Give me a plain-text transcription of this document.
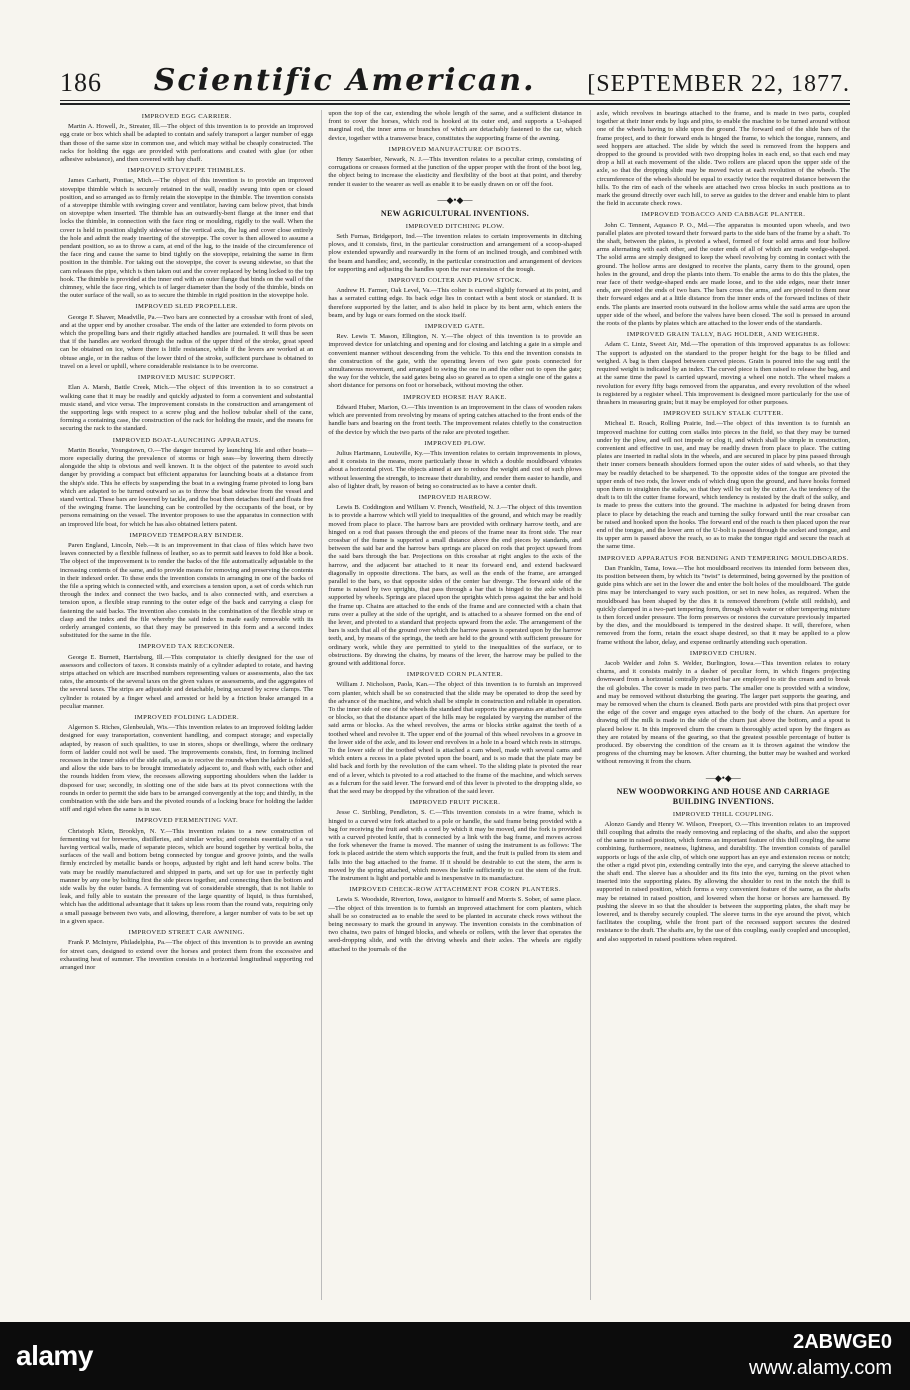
186 Scientific American. [SEPTEMBER 22, 1877.
IMPROVED EGG CARRIER.

Martin A. Howell, Jr., Streater, Ill.—The object of this invention is to provide an improved egg crate or box which shall be adapted to contain and safely transport a larger number of eggs than those of the same size in common use, and which may withal be cheaply constructed. The racks for holding the eggs are provided with perforations and coated with glue (or other adhesive substance), and then covered with hay chaff.

IMPROVED STOVEPIPE THIMBLES.

James Carhartt, Pontiac, Mich.—The object of this invention is to provide an improved stovepipe thimble which is securely retained in the wall, readily swung into open or closed position, and so arranged as to firmly retain the stovepipe in the thimble. The invention consists of a stovepipe thimble with swinging cover and ventilator, having cam below pivot, that binds on stovepipe when inserted. The thimble has an outwardly-bent flange at the inner end that locks the thimble, in connection with the face ring or moulding, rigidly to the wall. When the cover is held in position slightly sidewise of the vertical axis, the lug and cover close entirely the hole and admit the ready inserting of the stovepipe. The cover is then allowed to assume a pendant position, so as to throw a cam, at end of the lug, to the inside of the circumference of the face ring and cause the same to bind tightly on the stovepipe, retaining the same in firm position in the thimble. For taking out the stovepipe, the cover is swung sidewise, so that the cam releases the pipe, which is then taken out and the cover replaced by being locked to the top hook. The thimble is provided at the inner end with an outer flange that binds on the wall of the chimney, while the face ring, which is of larger diameter than the body of the thimble, binds on the outer surface of the wall, so as to secure the thimble in rigid position in the stovepipe hole.

IMPROVED SLED PROPELLER.

George F. Shaver, Meadville, Pa.—Two bars are connected by a crossbar with front of sled, and at the upper end by another crossbar. The ends of the latter are extended to form pivots on which the propelling bars and their rigidly attached handles are journaled. It will thus be seen that if the handles are worked through the radius of the upper third of the stroke, great speed can be obtained on ice, where there is little resistance, while if the levers are worked at an obtuse angle, or in the radius of the lower third of the stroke, sufficient purchase is obtained to travel on a level or uphill, where considerable resistance is to be overcome.

IMPROVED MUSIC SUPPORT.

Elan A. Marsh, Battle Creek, Mich.—The object of this invention is to so construct a walking cane that it may be readily and quickly adjusted to form a convenient and substantial music stand, and vice versa. The improvement consists in the construction and arrangement of the supporting legs with respect to a screw plug and the hollow tubular shell of the cane, forming a containing case, the construction of the rack for holding the music, and the means for securing the rack to the standard.

IMPROVED BOAT-LAUNCHING APPARATUS.

Martin Bourke, Youngstown, O.—The danger incurred by launching life and other boats—more especially during the prevalence of storms or high seas—by lowering them directly alongside the ship is obvious and well known. It is the object of the patentee to avoid such danger by providing a compact but efficient apparatus for launching boats at a distance from the ship's side. This he effects by suspending the boat in a swinging frame pivoted to long bars which are adapted to be turned outward so as to throw the boat sidewise from the vessel and stand vertical. These bars are lowered by tackle, and the boat then detaches itself and floats free of the swinging frame. The launching can be controlled by the occupants of the boat, or by persons remaining on the vessel. The inventor proposes to use the apparatus in connection with an improved life boat, for which he has also obtained letters patent.

IMPROVED TEMPORARY BINDER.

Paren England, Lincoln, Neb.—It is an improvement in that class of files which have two leaves connected by a flexible fullness of leather, so as to permit said leaves to fold like a book. The object of the improvement is to render the backs of the file automatically adjustable to the increasing contents of the same, and to provide means for removing and preserving the contents in their indexed order. To these ends the invention consists in arranging in one of the backs of the file a spring which is connected with, and exercises a tension upon, a set of cords which run through the index and connect the two backs, and is also connected with, and exercises a tension upon, a flexible strap running to the outer edge of the back and carrying a clasp for fastening the said backs. The invention also consists in the combination of the flexible strap or clasp and the index and the file whereby the said index is made easily removable with its orderly arranged contents, so that they may be preserved in this form and a second index substituted for the same in the file.

IMPROVED TAX RECKONER.

George E. Burnett, Harrisburg, Ill.—This computator is chiefly designed for the use of assessors and collectors of taxes. It consists mainly of a cylinder adapted to rotate, and having strips attached on which are inscribed numbers representing values or assessments, also the tax rates, the amounts of the several taxes on the given values or assessments, and the aggregates of the several taxes. The strips are adjustable and detachable, being secured by screw clamps. The cylinder is rotated by a finger wheel and arrested or held by a friction brake arranged in a peculiar manner.

IMPROVED FOLDING LADDER.

Algernon S. Riches, Glenbeulah, Wis.—This invention relates to an improved folding ladder designed for easy transportation, convenient handling, and compact storage; and especially adapted, by reason of such qualities, to use in stores, shops or dwellings, where the ordinary form of ladder could not well be used. The improvements consists, first, in forming inclined recesses in the inner sides of the side rails, so as to receive the rounds when the ladder is folded, and allow the side bars to be brought immediately adjacent to, and flush with, each other and the rounds hidden from view, the recesses allowing supporting shoulders when the ladder is disposed for use; secondly, in slotting one of the side bars at its pivot connections with the rounds in order to permit the side bars to be arranged convergently at the top; and thirdly, in the combination with the side bars and the pivoted rounds of a locking brace for holding the ladder stiff and rigid when the same is in use.

IMPROVED FERMENTING VAT.

Christoph Klein, Brooklyn, N. Y.—This invention relates to a new construction of fermenting vat for breweries, distilleries, and similar works; and consists essentially of a vat having vertical walls, made of separate pieces, which are bound together by vertical bolts, the surfaces of the wall and bottom being connected by tongue and groove joints, and the walls firmly encircled by metallic bands or hoops, adjusted by right and left hand screw bolts. The vats may be readily manufactured and shipped in parts, and set up for use in perfectly tight manner by any one by bolting first the side pieces together, and connecting then the bottom and side walls by the outer bands. A fermenting vat of considerable strength, that is not liable to leak, and fully able to sustain the pressure of the large quantity of liquid, is thus furnished, which has the additional advantage that it takes up less room than the round vats, requiring only a small passage between two vats, and allowing, therefore, a larger number of vats to be set up in a given space.

IMPROVED STREET CAR AWNING.

Frank P. McIntyre, Philadelphia, Pa.—The object of this invention is to provide an awning for street cars, designed to extend over the horses and protect them from the excessive and exhausting heat of summer. The invention consists in a horizontal longitudinal supporting rod arranged inor

upon the top of the car, extending the whole length of the same, and a sufficient distance in front to cover the horses, which rod is hooked at its outer end, and supports a U-shaped marginal rod, the inner arms or branches of which are detachably fastened to the car, which device, together with a transverse brace, constitutes the supporting frame of the awning.

IMPROVED MANUFACTURE OF BOOTS.

Henry Sauerbier, Newark, N. J.—This invention relates to a peculiar crimp, consisting of corrugations or creases formed at the junction of the upper proper with the front of the boot leg, the object being to increase the elasticity and flexibility of the boot at that point, and thereby render it easier to the wearer as well as enable it to be easily drawn on or off the foot.

—◆•◆—
NEW AGRICULTURAL INVENTIONS.
IMPROVED DITCHING PLOW.

Seth Furnas, Bridgeport, Ind.—The invention relates to certain improvements in ditching plows, and it consists, first, in the particular construction and arrangement of a scoop-shaped plow extended upwardly and rearwardly in the form of an inclined trough, and combined with the beam and handles; and, secondly, in the particular construction and arrangement of devices for supporting and adjusting the handles upon the rear extension of the trough.

IMPROVED COLTER AND PLOW STOCK.

Andrew H. Farmer, Oak Level, Va.—This colter is curved slightly forward at its point, and has a serrated cutting edge. Its back edge lies in contact with a bent stock or standard. It is therefore supported by the latter, and is also held in place by its bent arm, which enters the beam, and by lugs or ears formed on the stock itself.

IMPROVED GATE.

Rev. Lewis T. Mason, Ellington, N. Y.—The object of this invention is to provide an improved device for unlatching and opening and for closing and latching a gate in a simple and convenient manner without descending from the vehicle. To this end the invention consists in the construction of the gate, with the operating levers of two gate posts connected for simultaneous movement, and arranged to swing the one in and the other out to open the gate; the way for the vehicle, the said gates being also so geared as to open a single one of the gates a short distance for persons on foot or horseback, without moving the other.

IMPROVED HORSE HAY RAKE.

Edward Huber, Marion, O.—This invention is an improvement in the class of wooden rakes which are prevented from revolving by means of spring catches attached to the front ends of the handle bars and bearing on the front teeth. The improvement relates chiefly to the construction of the device by which the two parts of the rake are pivoted together.

IMPROVED PLOW.

Julius Hartmann, Louisville, Ky.—This invention relates to certain improvements in plows, and it consists in the means, more particularly those in which a double mouldboard vibrates about a horizontal pivot. The objects aimed at are to reduce the weight and cost of such plows without lessening the strength, to increase their durability, and render them easier to handle, and also of lighter draft, by reason of being so constructed as to have a center draft.

IMPROVED HARROW.

Lewis B. Coddington and William V. French, Westfield, N. J.—The object of this invention is to provide a harrow which will yield to inequalities of the ground, and which may be readily moved from place to place. The harrow bars are provided with ordinary harrow teeth, and are hinged on a rod that passes through the end pieces of the frame near its front side. The rear crossbar of the frame is supported a small distance above the end pieces by standards, and between the said bar and the harrow bars springs are placed on rods that project upward from the said bars through the bar. Projections on this crossbar at right angles to the axis of the harrow, and the adjacent bar attached to it near its forward end, and extend backward diagonally in opposite directions. The bars, as well as the ends of the frame, are arranged parallel to the bars, so that opposite sides of the center bar diverge. The forward side of the frame is raised by two uprights, that pass through a bar that is hinged to the axle which is supported by wheels. Springs are placed upon the uprights which press against the bar and hold the frame up. Chains are attached to the ends of the frame and are connected with a chain that runs over a pulley at the side of the upright, and is attached to a sheave formed on the end of the lever, and pivoted to a standard that projects upward from the axle. The arrangement of the bars is such that all of the ground over which the harrow passes is operated upon by the harrow teeth, and, by means of the springs, the teeth are held to the ground with sufficient pressure for ordinary work, while they are permitted to yield to the inequalities of the surface, or to obstructions. By drawing the chains, by means of the lever, the harrow may be pulled to the ground with additional force.

IMPROVED CORN PLANTER.

William J. Nicholson, Paola, Kan.—The object of this invention is to furnish an improved corn planter, which shall be so constructed that the slide may be operated to drop the seed by the advance of the machine, and which shall be simple in construction and reliable in operation. To the inner side of one of the wheels the standard that supports the apparatus are attached arms or blocks, so that the distance apart of the hills may be regulated by varying the number of the said arms or blocks. As the wheel revolves, the arms or blocks strike against the teeth of a toothed wheel and revolve it. The upper end of the journal of this wheel revolves in a groove in the lower side of the axle, and its lower end revolves in a hole in a board which rests in stirrups. To the lower side of the toothed wheel is attached a cam wheel, made with several cams and which enters a recess in a plate pivoted upon the board, and is so made that the plate may be slid back and forth by the revolution of the cam wheel. To the sliding plate is pivoted the rear end of a lever, which is pivoted to a rod attached to the frame of the machine, and which serves as a fulcrum for the said lever. The forward end of this lever is pivoted to the dropping slide, so that the seed may be dropped by the vibration of the said lever.

IMPROVED FRUIT PICKER.

Jesse C. Stribling, Pendleton, S. C.—This invention consists in a wire frame, which is hinged to a curved wire fork attached to a pole or handle, the said frame being provided with a bag for receiving the fruit and with a cord by which it may be moved, and the fork is provided with a curved pivoted knife, that is connected by a link with the bag frame, and moves across the fork whenever the frame is moved. The manner of using the instrument is as follows: The fork is placed astride the stem which supports the fruit, and the fruit is pulled from its stem and falls into the bag attached to the frame. If it should be desirable to cut the stem, the arm is moved by the spring attached, which moves the knife sufficiently to cut the stem of the fruit. The instrument is light and portable and is inexpensive in its manufacture.

IMPROVED CHECK-ROW ATTACHMENT FOR CORN PLANTERS.

Lewis S. Woodside, Riverton, Iowa, assignor to himself and Morris S. Sober, of same place.—The object of this invention is to furnish an improved attachment for corn planters, which shall be so constructed as to enable the seed to be planted in accurate check rows without the being necessary to mark the ground in anyway. The invention consists in the combination of two chains, two pairs of hinged blocks, and wheels or rollers, with the lever that operates the seed-dropping slide, and with the driving wheels and their axles. The wheels are rigidly attached to the journals of the

axle, which revolves in bearings attached to the frame, and is made in two parts, coupled together at their inner ends by lugs and pins, to enable the machine to be turned around without one of the wheels having to slide upon the ground. The forward end of the slide bars of the frame project, and to their forward ends is hinged the frame, to which the tongue, runners, and seed hoppers are attached. The slide by which the seed is removed from the hoppers and dropped to the ground is provided with two dropping holes in each end, so that each end may drop a hill at each movement of the slide. Two rollers are placed upon the upper side of the axle, so that the dropping slide may be moved twice at each revolution of the wheels. The circumference of the wheels should be equal to exactly twice the required distance between the hills. To the rim of each of the wheels are attached two cross blocks in such positions as to mark the ground directly over each hill, to serve as guides to the driver and enable him to plant the field in accurate check rows.

IMPROVED TOBACCO AND CABBAGE PLANTER.

John C. Tennent, Aquasco P. O., Md.—The apparatus is mounted upon wheels, and two parallel plates are pivoted toward their forward parts to the side bars of the frame by a shaft. To the shaft, between the plates, is pivoted a wheel, formed of four solid arms and four hollow arms alternating with each other, and the outer ends of all of which are made wedge-shaped. The solid arms are simply designed to keep the wheel revolving by coming in contact with the ground. The hollow arms are designed to receive the plants, carry them to the ground, open holes in the ground, and drop the plants into them. To enable the arms to do this the plates, the rear face of their wedge-shaped ends are made loose, and to the side edges, near their inner ends, are pivoted the ends of two bars. The bars cross the arms, and are pivoted to them near their forward edges and at a little distance from the inner ends of the forward inclines of their ends. The plants are inserted roots outward in the hollow arms while the said arms are upon the upper side of the wheel, and before the valves have been closed. The soil is pressed in around the roots of the plants by plates which are attached to the lower ends of the standards.

IMPROVED GRAIN TALLY, BAG HOLDER, AND WEIGHER.

Adam C. Lintz, Sweet Air, Md.—The operation of this improved apparatus is as follows: The support is adjusted on the standard to the proper height for the bags to be filled and weighed. A bag is then clasped between curved pieces. Grain is poured into the sag until the required weight is indicated by an index. The curved piece is then raised to release the bag, and at the same time the pawl is carried upward, moving a wheel one notch. The wheel makes a revolution for every fifty bags removed from the apparatus, and every revolution of the wheel is registered by a register wheel. This improvement is designed more particularly for the use of thrashers in measuring grain; but it may be employed for other purposes.

IMPROVED SULKY STALK CUTTER.

Micheal E. Roach, Rolling Prairie, Ind.—The object of this invention is to furnish an improved machine for cutting corn stalks into pieces in the field, so that they may be turned under by the plow, and will not impede or clog it, and which shall be simple in construction, convenient and effective in use, and may be readily drawn from place to place. The cutting plates are inserted in radial slots in the wheels, and are secured in place by pins passed through their inner corners beneath shoulders formed upon the outer sides of said wheels, so that they may be readily detached to be sharpened. To the opposite sides of the tongue are pivoted the upper ends of two rods, the lower ends of which drag upon the ground, and have hooks formed upon them to straighten the stalks, so that they will be cut by the cutter. As the tendency of the draft is to tilt the cutter frame forward, which tendency is resisted by the draft of the sulky, and is made to press the cutters into the ground. The machine is adjusted for being drawn from place to place by detaching the reach and turning the sulky forward until the rear crossbar can be raised and hooked upon the hooks. The forward end of the reach is then placed upon the rear end of the tongue, and the lower arm of the U-bolt is passed through the socket and tongue, and its upper arm is passed above the reach, so as to make the tongue rigid and secure the reach at the same time.

IMPROVED APPARATUS FOR BENDING AND TEMPERING MOULDBOARDS.

Dan Franklin, Tama, Iowa.—The hot mouldboard receives its intended form between dies, its position between them, by which its "twist" is determined, being governed by the position of guide pins which are set in the lower die and enter the bolt holes of the mouldboard. The guide pins may be interchanged to vary such position, or set in new holes, as required. When the mouldboard has been shaped by the dies it is removed therefrom (while still reddish), and quickly clamped in a two-part tempering form, through which water or other tempering mixture is then forced under pressure. The form preserves or restores the curvature previously imparted by the dies, and the mouldboard is tempered in the desired shape. It will, therefore, when removed from the form, retain the exact shape desired, so that it may be applied to a plow frame without the labor, delay, and expense ordinarily attending such operation.

IMPROVED CHURN.

Jacob Welder and John S. Welder, Burlington, Iowa.—This invention relates to rotary churns, and it consists mainly in a dasher of peculiar form, in which fingers projecting downward from a horizontal centrally pivoted bar are employed to stir the cream and to break the oil globules. The cover is made in two parts. The smaller one is provided with a window, and may be removed without disturbing the gearing. The larger part supports the gearing, and may be removed when the churn is cleaned. Both parts are provided with pins that project over the edge of the cover and engage eyes attached to the body of the churn. An aperture for drawing off the milk is made in the side of the churn just above the bottom, and a spout is placed below it. In this improved churn the cream is thoroughly acted upon by the fingers as they are rotated by means of the gearing, so that the greatest possible percentage of butter is produced. By observing the condition of the cream as it is thrown against the window the progress of the churning may be known. After churning, the butter may be washed and worked without removing it from the churn.

—◆•◆—
NEW WOODWORKING AND HOUSE AND CARRIAGE BUILDING INVENTIONS.
IMPROVED THILL COUPLING.

Alonzo Gandy and Henry W. Wilson, Freeport, O.—This invention relates to an improved thill coupling that admits the ready removing and replacing of the shafts, and also the support of the same in raised position, which forms an important feature of this thill coupling, the same combining, furthermore, neatness, lightness, and durability. The invention consists of parallel supports or lugs of the axle clip, of which one support has an eye and extension recess or notch; the other a rigid pivot pin, extending centrally into the eye, and carrying the sleeve attached to the shaft end. The sleeve has a shoulder and its fits into the eye, turning on the pivot when inserted into the supporting plates. By allowing the shoulder to rest in the notch the thill is supported in raised position, which forms a very convenient feature of the same, as the shafts may be retained in raised position, and lowered when the horse or horses are harnessed. By pushing the sleeve in so that the shoulder is between the supporting plates, the shaft may be lowered, and is thereby securely coupled. The sleeve turns in the eye around the pivot, which facilitates the coupling, while the front part of the recessed support secures the desired resistance to the draft. The shafts are, by the use of this coupling, easily coupled and uncoupled, and also supported in raised positions when required.

alamy	2ABWGE0
www.alamy.com
